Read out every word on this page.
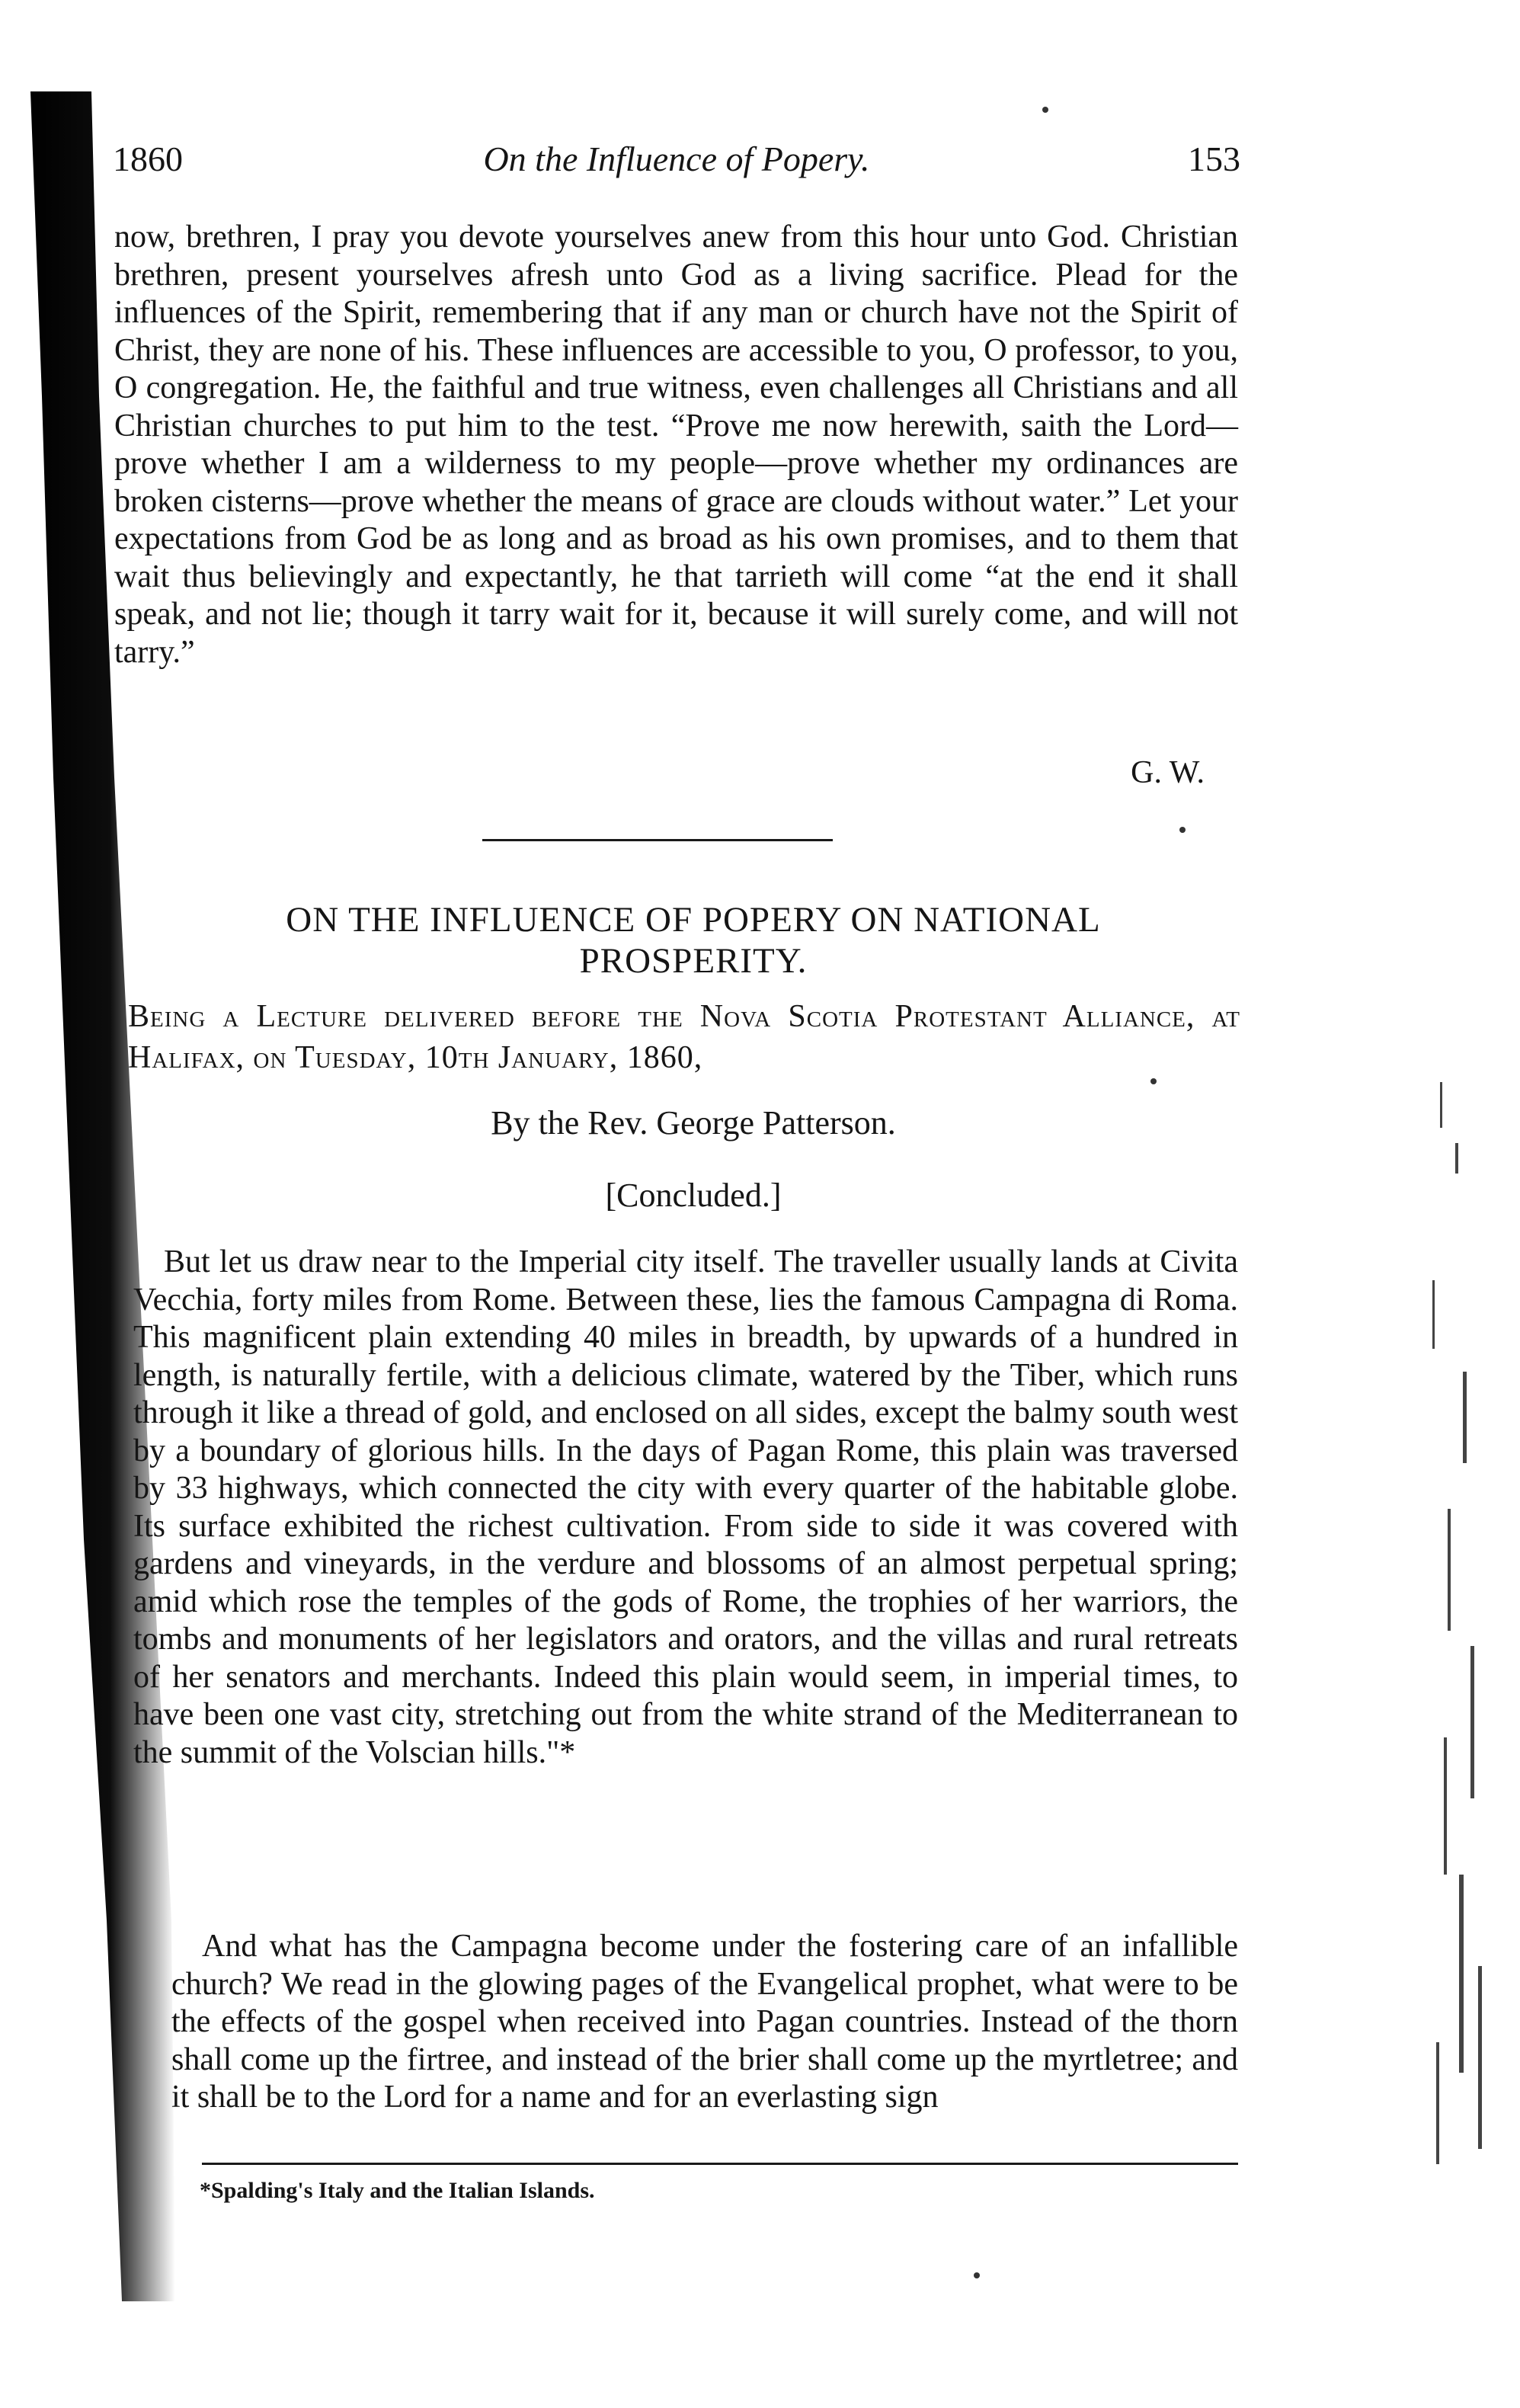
1860	On the Influence of Popery.	153

now, brethren, I pray you devote yourselves anew from this hour unto God. Christian brethren, present yourselves afresh unto God as a living sacrifice. Plead for the influences of the Spirit, remembering that if any man or church have not the Spirit of Christ, they are none of his. These influences are accessible to you, O professor, to you, O congregation. He, the faithful and true witness, even challenges all Christians and all Christian churches to put him to the test. “Prove me now herewith, saith the Lord—prove whether I am a wilderness to my people—prove whether my ordinances are broken cisterns—prove whether the means of grace are clouds without water.” Let your expectations from God be as long and as broad as his own promises, and to them that wait thus believingly and expectantly, he that tarrieth will come “at the end it shall speak, and not lie; though it tarry wait for it, because it will surely come, and will not tarry.”

G. W.
ON THE INFLUENCE OF POPERY ON NATIONAL
PROSPERITY.
Being a Lecture delivered before the Nova Scotia Protestant Alliance, at Halifax, on Tuesday, 10th January, 1860,
By the Rev. George Patterson.
[Concluded.]

But let us draw near to the Imperial city itself. The traveller usually lands at Civita Vecchia, forty miles from Rome. Between these, lies the famous Campagna di Roma. This magnificent plain extending 40 miles in breadth, by upwards of a hundred in length, is naturally fertile, with a delicious climate, watered by the Tiber, which runs through it like a thread of gold, and enclosed on all sides, except the balmy south west by a boundary of glorious hills. In the days of Pagan Rome, this plain was traversed by 33 highways, which connected the city with every quarter of the habitable globe. Its surface exhibited the richest cultivation. From side to side it was covered with gardens and vineyards, in the verdure and blossoms of an almost perpetual spring; amid which rose the temples of the gods of Rome, the trophies of her warriors, the tombs and monuments of her legislators and orators, and the villas and rural retreats of her senators and merchants. Indeed this plain would seem, in imperial times, to have been one vast city, stretching out from the white strand of the Mediterranean to the summit of the Volscian hills."*

And what has the Campagna become under the fostering care of an infallible church? We read in the glowing pages of the Evangelical prophet, what were to be the effects of the gospel when received into Pagan countries. Instead of the thorn shall come up the firtree, and instead of the brier shall come up the myrtletree; and it shall be to the Lord for a name and for an everlasting sign

*Spalding's Italy and the Italian Islands.
